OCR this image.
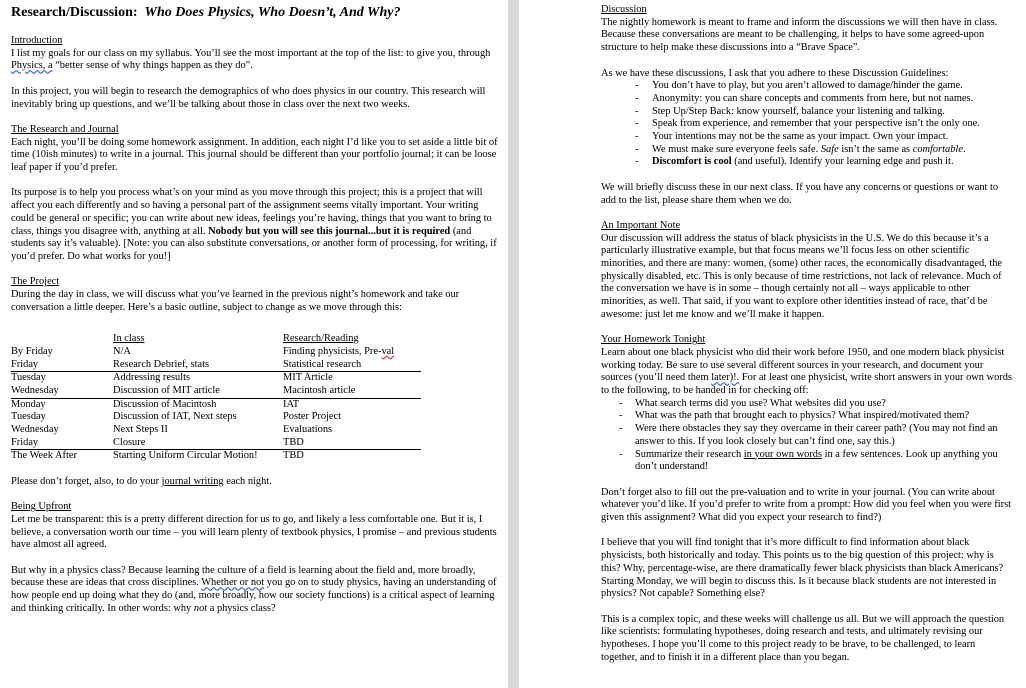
Research/Discussion: Who Does Physics, Who Doesn’t, And Why?

Introduction

I list my goals for our class on my syllabus. You’ll see the most important at the top of the list: to give you, through Physics, a “better sense of why things happen as they do”.

In this project, you will begin to research the demographics of who does physics in our country. This research will inevitably bring up questions, and we’ll be talking about those in class over the next two weeks.

The Research and Journal

Each night, you’ll be doing some homework assignment. In addition, each night I’d like you to set aside a little bit of time (10ish minutes) to write in a journal. This journal should be different than your portfolio journal; it can be loose leaf paper if you’d prefer.

Its purpose is to help you process what’s on your mind as you move through this project; this is a project that will affect you each differently and so having a personal part of the assignment seems vitally important. Your writing could be general or specific; you can write about new ideas, feelings you’re having, things that you want to bring to class, things you disagree with, anything at all. Nobody but you will see this journal...but it is required (and students say it’s valuable). [Note: you can also substitute conversations, or another form of processing, for writing, if you’d prefer. Do what works for you!]

The Project

During the day in class, we will discuss what you’ve learned in the previous night’s homework and take our conversation a little deeper. Here’s a basic outline, subject to change as we move through this:

	In class	Research/Reading
By Friday	N/A	Finding physicists, Pre-val
Friday	Research Debrief, stats	Statistical research
Tuesday	Addressing results	MIT Article
Wednesday	Discussion of MIT article	Macintosh article
Monday	Discussion of Macintosh	IAT
Tuesday	Discussion of IAT, Next steps	Poster Project
Wednesday	Next Steps II	Evaluations
Friday	Closure	TBD
The Week After	Starting Uniform Circular Motion!	TBD

Please don’t forget, also, to do your journal writing each night.

Being Upfront

Let me be transparent: this is a pretty different direction for us to go, and likely a less comfortable one. But it is, I believe, a conversation worth our time – you will learn plenty of textbook physics, I promise – and previous students have almost all agreed.

But why in a physics class? Because learning the culture of a field is learning about the field and, more broadly, because these are ideas that cross disciplines. Whether or not you go on to study physics, having an understanding of how people end up doing what they do (and, more broadly, how our society functions) is a critical aspect of learning and thinking critically. In other words: why not a physics class?

Discussion

The nightly homework is meant to frame and inform the discussions we will then have in class. Because these conversations are meant to be challenging, it helps to have some agreed-upon structure to help make these discussions into a “Brave Space”.

As we have these discussions, I ask that you adhere to these Discussion Guidelines:

- You don’t have to play, but you aren’t allowed to damage/hinder the game.
- Anonymity: you can share concepts and comments from here, but not names.
- Step Up/Step Back: know yourself, balance your listening and talking.
- Speak from experience, and remember that your perspective isn’t the only one.
- Your intentions may not be the same as your impact. Own your impact.
- We must make sure everyone feels safe. Safe isn’t the same as comfortable.
- Discomfort is cool (and useful). Identify your learning edge and push it.

We will briefly discuss these in our next class. If you have any concerns or questions or want to add to the list, please share them when we do.

An Important Note

Our discussion will address the status of black physicists in the U.S. We do this because it’s a particularly illustrative example, but that focus means we’ll focus less on other scientific minorities, and there are many: women, (some) other races, the economically disadvantaged, the physically disabled, etc. This is only because of time restrictions, not lack of relevance. Much of the conversation we have is in some – though certainly not all – ways applicable to other minorities, as well. That said, if you want to explore other identities instead of race, that’d be awesome: just let me know and we’ll make it happen.

Your Homework Tonight

Learn about one black physicist who did their work before 1950, and one modern black physicist working today. Be sure to use several different sources in your research, and document your sources (you’ll need them later)!. For at least one physicist, write short answers in your own words to the following, to be handed in for checking off:

- What search terms did you use? What websites did you use?
- What was the path that brought each to physics? What inspired/motivated them?
- Were there obstacles they say they overcame in their career path? (You may not find an answer to this. If you look closely but can’t find one, say this.)
- Summarize their research in your own words in a few sentences. Look up anything you don’t understand!

Don’t forget also to fill out the pre-valuation and to write in your journal. (You can write about whatever you’d like. If you’d prefer to write from a prompt: How did you feel when you were first given this assignment? What did you expect your research to find?)

I believe that you will find tonight that it’s more difficult to find information about black physicists, both historically and today. This points us to the big question of this project: why is this? Why, percentage-wise, are there dramatically fewer black physicists than black Americans? Starting Monday, we will begin to discuss this. Is it because black students are not interested in physics? Not capable? Something else?

This is a complex topic, and these weeks will challenge us all. But we will approach the question like scientists: formulating hypotheses, doing research and tests, and ultimately revising our hypotheses. I hope you’ll come to this project ready to be brave, to be challenged, to learn together, and to finish it in a different place than you began.
